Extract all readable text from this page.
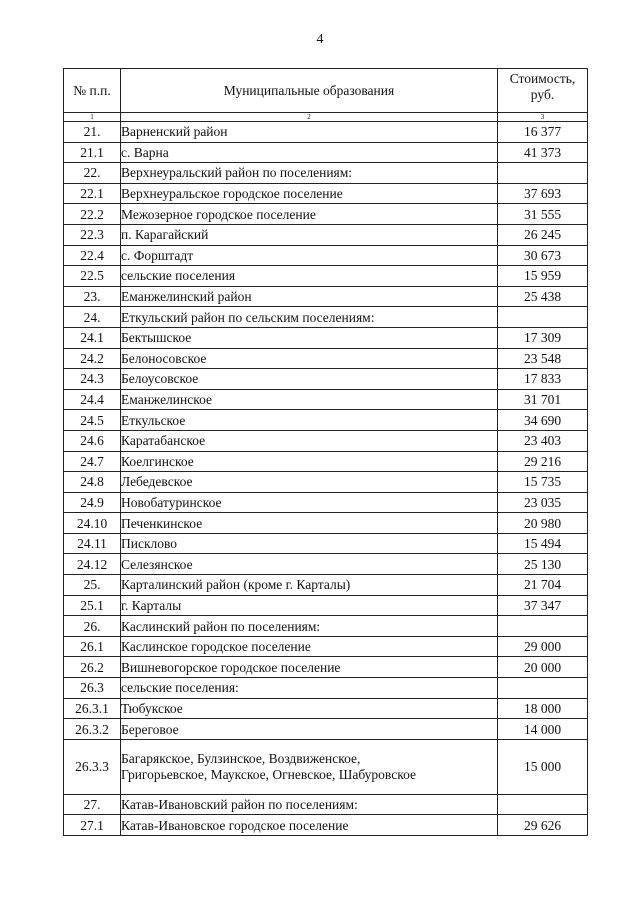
4
№ п.п.	Муниципальные образования	Стоимость, руб.
1	2	3
21.	Варненский район	16 377
21.1	с. Варна	41 373
22.	Верхнеуральский район по поселениям:	
22.1	Верхнеуральское городское поселение	37 693
22.2	Межозерное городское поселение	31 555
22.3	п. Карагайский	26 245
22.4	с. Форштадт	30 673
22.5	сельские поселения	15 959
23.	Еманжелинский район	25 438
24.	Еткульский район по сельским поселениям:	
24.1	Бектышское	17 309
24.2	Белоносовское	23 548
24.3	Белоусовское	17 833
24.4	Еманжелинское	31 701
24.5	Еткульское	34 690
24.6	Каратабанское	23 403
24.7	Коелгинское	29 216
24.8	Лебедевское	15 735
24.9	Новобатуринское	23 035
24.10	Печенкинское	20 980
24.11	Писклово	15 494
24.12	Селезянское	25 130
25.	Карталинский район (кроме г. Карталы)	21 704
25.1	г. Карталы	37 347
26.	Каслинский район по поселениям:	
26.1	Каслинское городское поселение	29 000
26.2	Вишневогорское городское поселение	20 000
26.3	сельские поселения:	
26.3.1	Тюбукское	18 000
26.3.2	Береговое	14 000
26.3.3	Багарякское, Булзинское, Воздвиженское,
Григорьевское, Маукское, Огневское, Шабуровское	15 000
27.	Катав-Ивановский район по поселениям:	
27.1	Катав-Ивановское городское поселение	29 626
